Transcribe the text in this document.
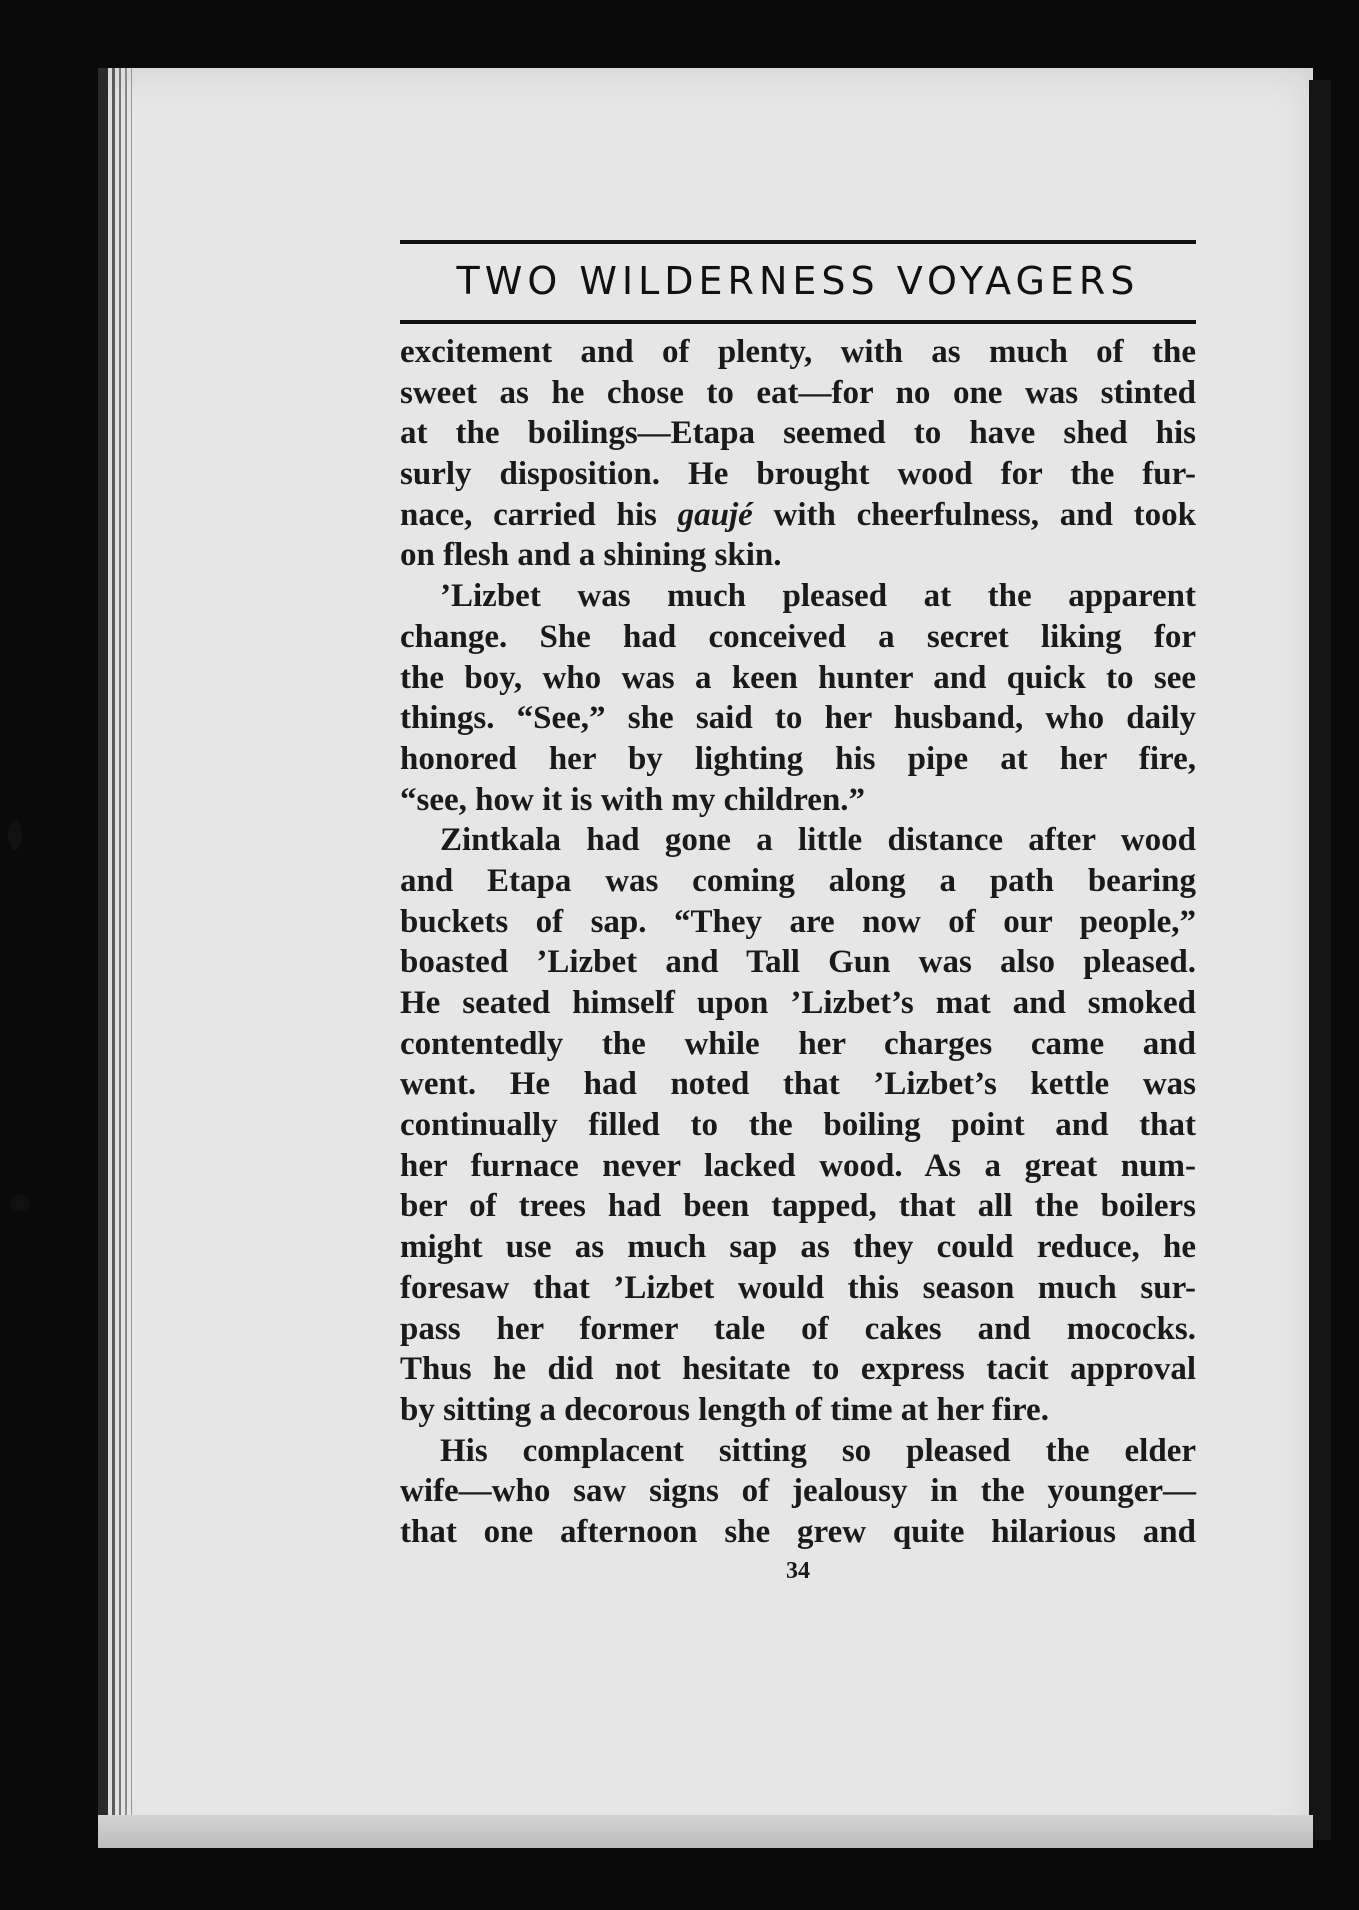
TWO WILDERNESS VOYAGERS
excitement and of plenty, with as much of the
sweet as he chose to eat—for no one was stinted
at the boilings—Etapa seemed to have shed his
surly disposition. He brought wood for the fur-
nace, carried his gaujé with cheerfulness, and took
on flesh and a shining skin.
’Lizbet was much pleased at the apparent
change. She had conceived a secret liking for
the boy, who was a keen hunter and quick to see
things. “See,” she said to her husband, who daily
honored her by lighting his pipe at her fire,
“see, how it is with my children.”
Zintkala had gone a little distance after wood
and Etapa was coming along a path bearing
buckets of sap. “They are now of our people,”
boasted ’Lizbet and Tall Gun was also pleased.
He seated himself upon ’Lizbet’s mat and smoked
contentedly the while her charges came and
went. He had noted that ’Lizbet’s kettle was
continually filled to the boiling point and that
her furnace never lacked wood. As a great num-
ber of trees had been tapped, that all the boilers
might use as much sap as they could reduce, he
foresaw that ’Lizbet would this season much sur-
pass her former tale of cakes and mococks.
Thus he did not hesitate to express tacit approval
by sitting a decorous length of time at her fire.
His complacent sitting so pleased the elder
wife—who saw signs of jealousy in the younger—
that one afternoon she grew quite hilarious and
34
